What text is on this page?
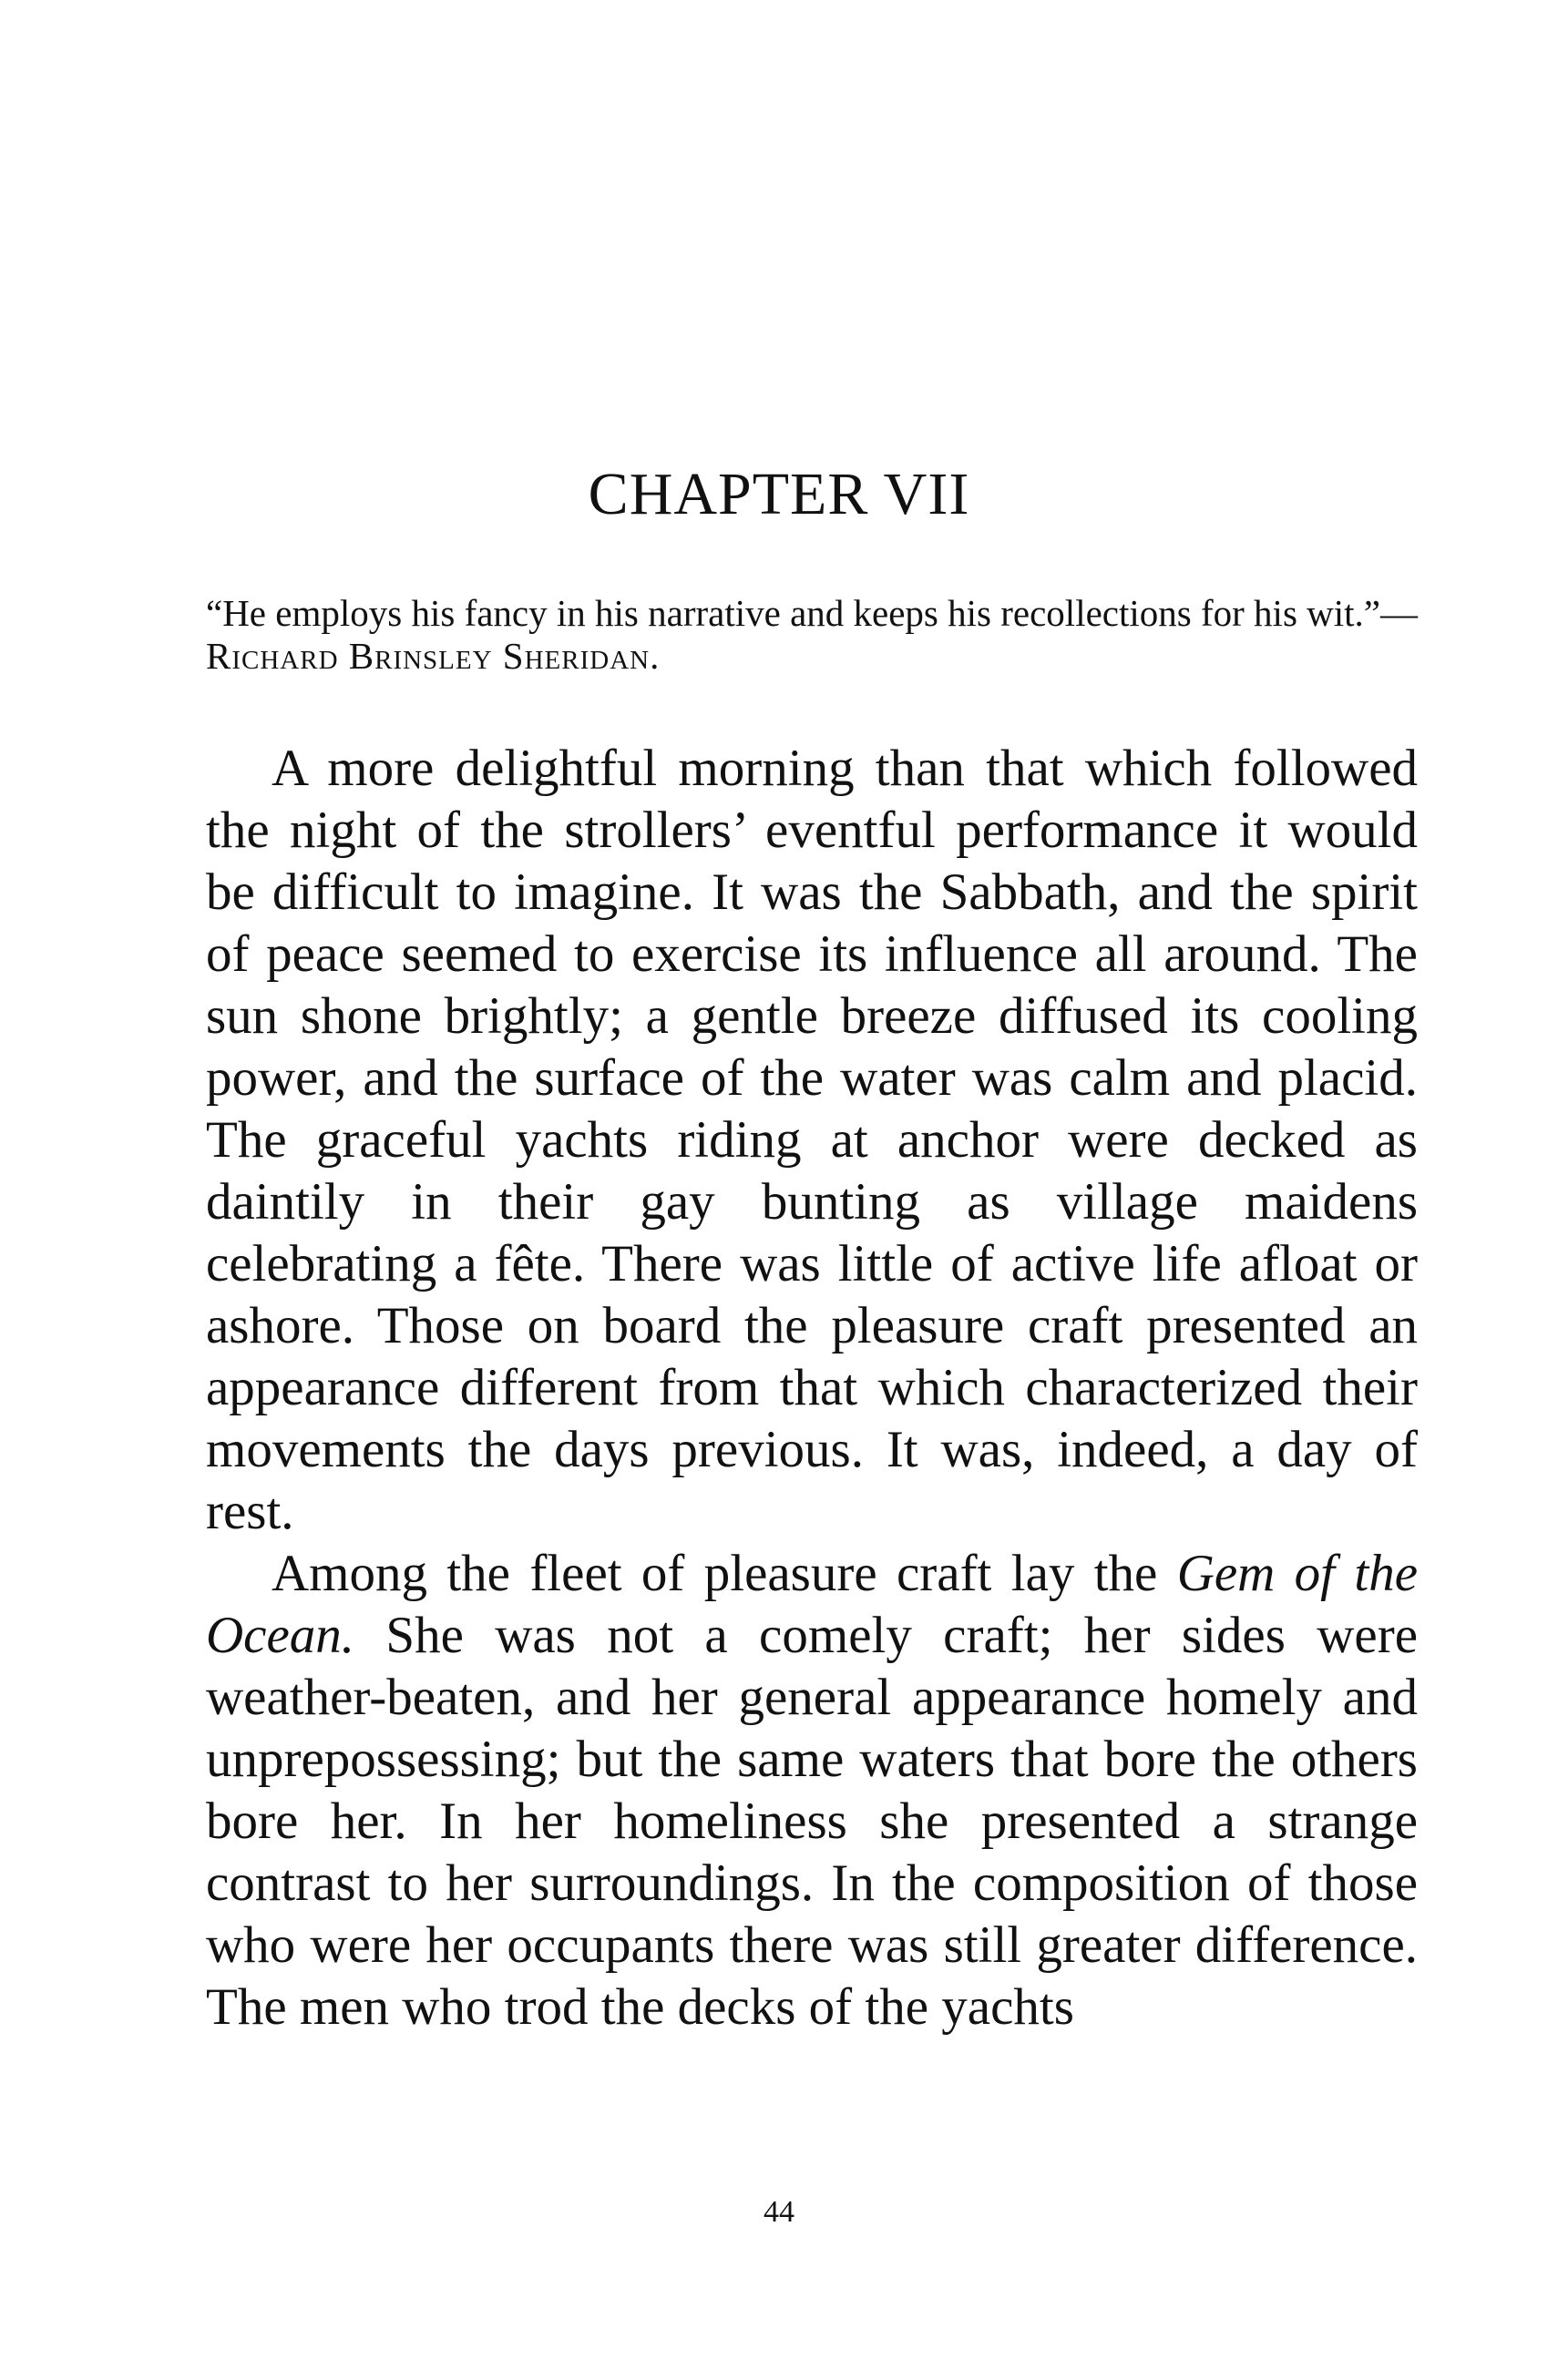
CHAPTER VII

“He employs his fancy in his narrative and keeps his recollections for his wit.”—Richard Brinsley Sheridan.

A more delightful morning than that which followed the night of the strollers’ eventful performance it would be difficult to imagine. It was the Sabbath, and the spirit of peace seemed to exercise its influence all around. The sun shone brightly; a gentle breeze diffused its cooling power, and the surface of the water was calm and placid. The graceful yachts riding at anchor were decked as daintily in their gay bunting as village maidens celebrating a fête. There was little of active life afloat or ashore. Those on board the pleasure craft presented an appearance different from that which characterized their movements the days previous. It was, indeed, a day of rest.

Among the fleet of pleasure craft lay the Gem of the Ocean. She was not a comely craft; her sides were weather-beaten, and her general appearance homely and unprepossessing; but the same waters that bore the others bore her. In her homeliness she presented a strange contrast to her surroundings. In the composition of those who were her occupants there was still greater difference. The men who trod the decks of the yachts

44
